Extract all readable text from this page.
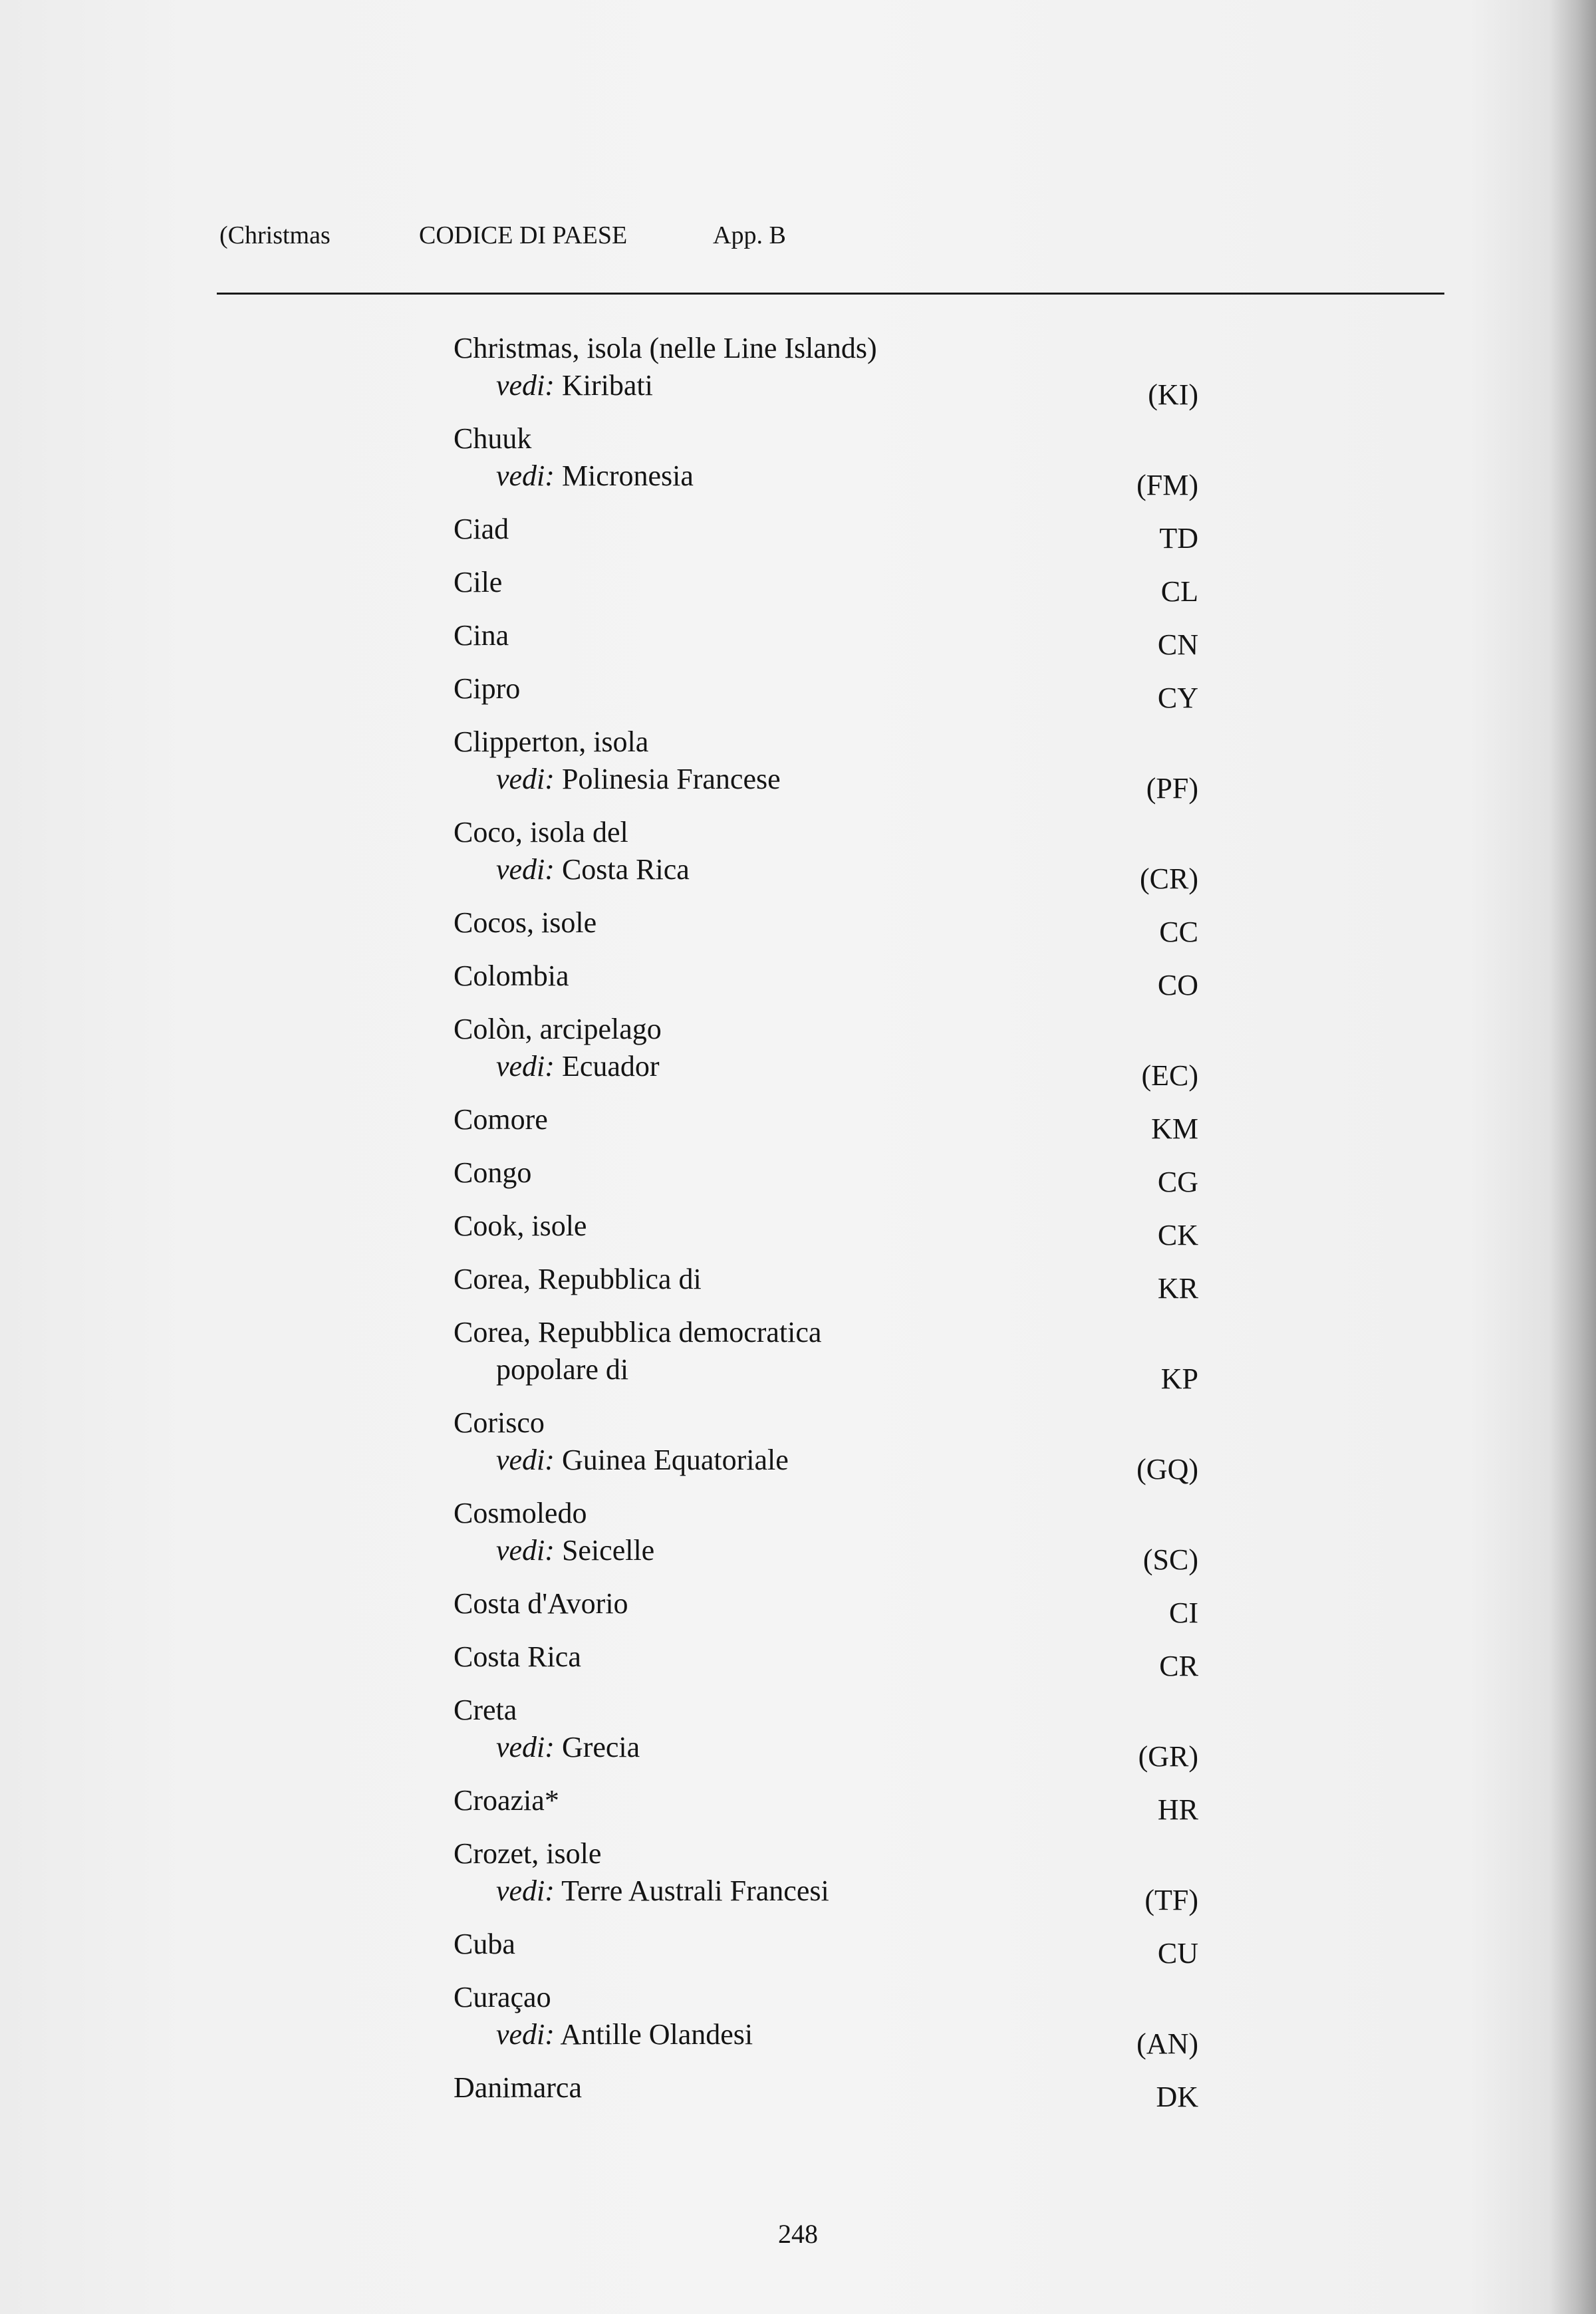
(Christmas	CODICE DI PAESE	App. B
Christmas, isola (nelle Line Islands)
vedi: Kiribati	(KI)
Chuuk
vedi: Micronesia	(FM)
Ciad	TD
Cile	CL
Cina	CN
Cipro	CY
Clipperton, isola
vedi: Polinesia Francese	(PF)
Coco, isola del
vedi: Costa Rica	(CR)
Cocos, isole	CC
Colombia	CO
Colòn, arcipelago
vedi: Ecuador	(EC)
Comore	KM
Congo	CG
Cook, isole	CK
Corea, Repubblica di	KR
Corea, Repubblica democratica
popolare di	KP
Corisco
vedi: Guinea Equatoriale	(GQ)
Cosmoledo
vedi: Seicelle	(SC)
Costa d'Avorio	CI
Costa Rica	CR
Creta
vedi: Grecia	(GR)
Croazia*	HR
Crozet, isole
vedi: Terre Australi Francesi	(TF)
Cuba	CU
Curaçao
vedi: Antille Olandesi	(AN)
Danimarca	DK
248
